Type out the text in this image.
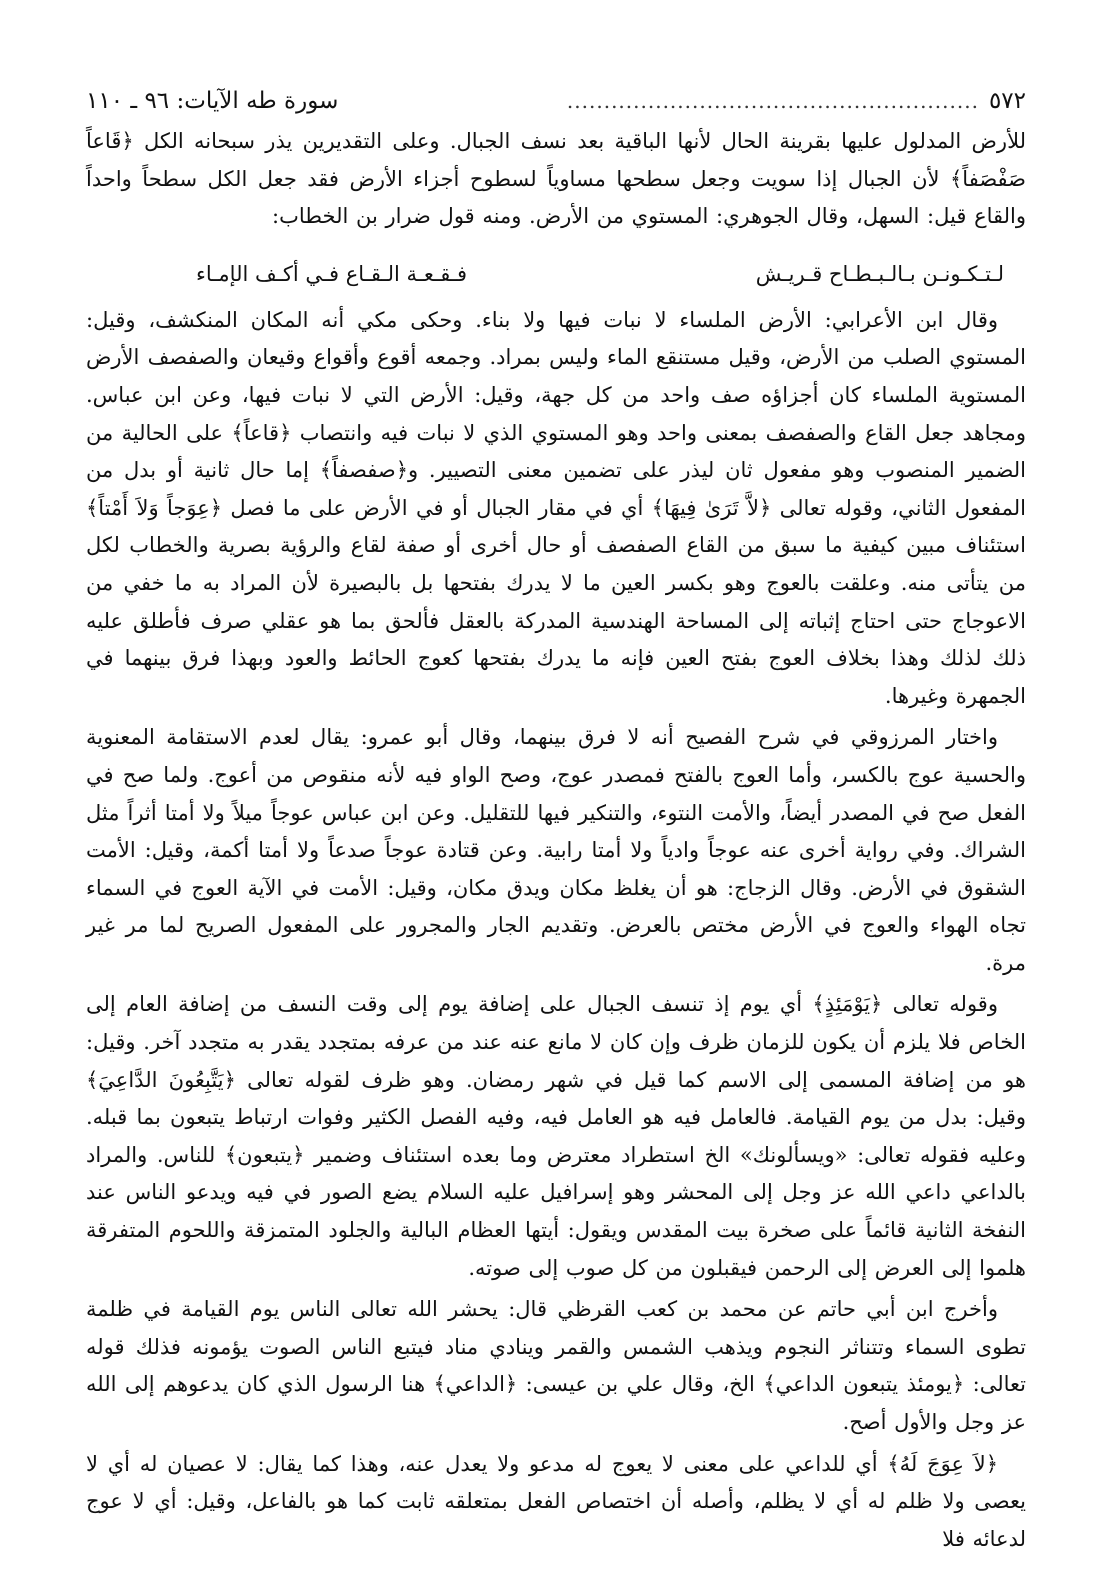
٥٧٢
........................................................
سورة طه الآيات: ٩٦ ـ ١١٠

للأرض المدلول عليها بقرينة الحال لأنها الباقية بعد نسف الجبال. وعلى التقديرين يذر سبحانه الكل ﴿قَاعاً صَفْصَفاً﴾ لأن الجبال إذا سويت وجعل سطحها مساوياً لسطوح أجزاء الأرض فقد جعل الكل سطحاً واحداً والقاع قيل: السهل، وقال الجوهري: المستوي من الأرض. ومنه قول ضرار بن الخطاب:

لـتـكـونـن بـالـبـطـاح قـريـش
فـقـعـة الـقـاع فـي أكـف الإمـاء

وقال ابن الأعرابي: الأرض الملساء لا نبات فيها ولا بناء. وحكى مكي أنه المكان المنكشف، وقيل: المستوي الصلب من الأرض، وقيل مستنقع الماء وليس بمراد. وجمعه أقوع وأقواع وقيعان والصفصف الأرض المستوية الملساء كان أجزاؤه صف واحد من كل جهة، وقيل: الأرض التي لا نبات فيها، وعن ابن عباس. ومجاهد جعل القاع والصفصف بمعنى واحد وهو المستوي الذي لا نبات فيه وانتصاب ﴿قاعاً﴾ على الحالية من الضمير المنصوب وهو مفعول ثان ليذر على تضمين معنى التصيير. و﴿صفصفاً﴾ إما حال ثانية أو بدل من المفعول الثاني، وقوله تعالى ﴿لاَّ تَرَىٰ فِيهَا﴾ أي في مقار الجبال أو في الأرض على ما فصل ﴿عِوَجاً وَلاَ أَمْتاً﴾ استئناف مبين كيفية ما سبق من القاع الصفصف أو حال أخرى أو صفة لقاع والرؤية بصرية والخطاب لكل من يتأتى منه. وعلقت بالعوج وهو بكسر العين ما لا يدرك بفتحها بل بالبصيرة لأن المراد به ما خفي من الاعوجاج حتى احتاج إثباته إلى المساحة الهندسية المدركة بالعقل فألحق بما هو عقلي صرف فأطلق عليه ذلك لذلك وهذا بخلاف العوج بفتح العين فإنه ما يدرك بفتحها كعوج الحائط والعود وبهذا فرق بينهما في الجمهرة وغيرها.

واختار المرزوقي في شرح الفصيح أنه لا فرق بينهما، وقال أبو عمرو: يقال لعدم الاستقامة المعنوية والحسية عوج بالكسر، وأما العوج بالفتح فمصدر عوج، وصح الواو فيه لأنه منقوص من أعوج. ولما صح في الفعل صح في المصدر أيضاً، والأمت النتوء، والتنكير فيها للتقليل. وعن ابن عباس عوجاً ميلاً ولا أمتا أثراً مثل الشراك. وفي رواية أخرى عنه عوجاً وادياً ولا أمتا رابية. وعن قتادة عوجاً صدعاً ولا أمتا أكمة، وقيل: الأمت الشقوق في الأرض. وقال الزجاج: هو أن يغلظ مكان ويدق مكان، وقيل: الأمت في الآية العوج في السماء تجاه الهواء والعوج في الأرض مختص بالعرض. وتقديم الجار والمجرور على المفعول الصريح لما مر غير مرة.

وقوله تعالى ﴿يَوْمَئِذٍ﴾ أي يوم إذ تنسف الجبال على إضافة يوم إلى وقت النسف من إضافة العام إلى الخاص فلا يلزم أن يكون للزمان ظرف وإن كان لا مانع عنه عند من عرفه بمتجدد يقدر به متجدد آخر. وقيل: هو من إضافة المسمى إلى الاسم كما قيل في شهر رمضان. وهو ظرف لقوله تعالى ﴿يَتَّبِعُونَ الدَّاعِيَ﴾ وقيل: بدل من يوم القيامة. فالعامل فيه هو العامل فيه، وفيه الفصل الكثير وفوات ارتباط يتبعون بما قبله. وعليه فقوله تعالى: «ويسألونك» الخ استطراد معترض وما بعده استئناف وضمير ﴿يتبعون﴾ للناس. والمراد بالداعي داعي الله عز وجل إلى المحشر وهو إسرافيل عليه السلام يضع الصور في فيه ويدعو الناس عند النفخة الثانية قائماً على صخرة بيت المقدس ويقول: أيتها العظام البالية والجلود المتمزقة واللحوم المتفرقة هلموا إلى العرض إلى الرحمن فيقبلون من كل صوب إلى صوته.

وأخرج ابن أبي حاتم عن محمد بن كعب القرظي قال: يحشر الله تعالى الناس يوم القيامة في ظلمة تطوى السماء وتتناثر النجوم ويذهب الشمس والقمر وينادي مناد فيتبع الناس الصوت يؤمونه فذلك قوله تعالى: ﴿يومئذ يتبعون الداعي﴾ الخ، وقال علي بن عيسى: ﴿الداعي﴾ هنا الرسول الذي كان يدعوهم إلى الله عز وجل والأول أصح.

﴿لاَ عِوَجَ لَهُ﴾ أي للداعي على معنى لا يعوج له مدعو ولا يعدل عنه، وهذا كما يقال: لا عصيان له أي لا يعصى ولا ظلم له أي لا يظلم، وأصله أن اختصاص الفعل بمتعلقه ثابت كما هو بالفاعل، وقيل: أي لا عوج لدعائه فلا
